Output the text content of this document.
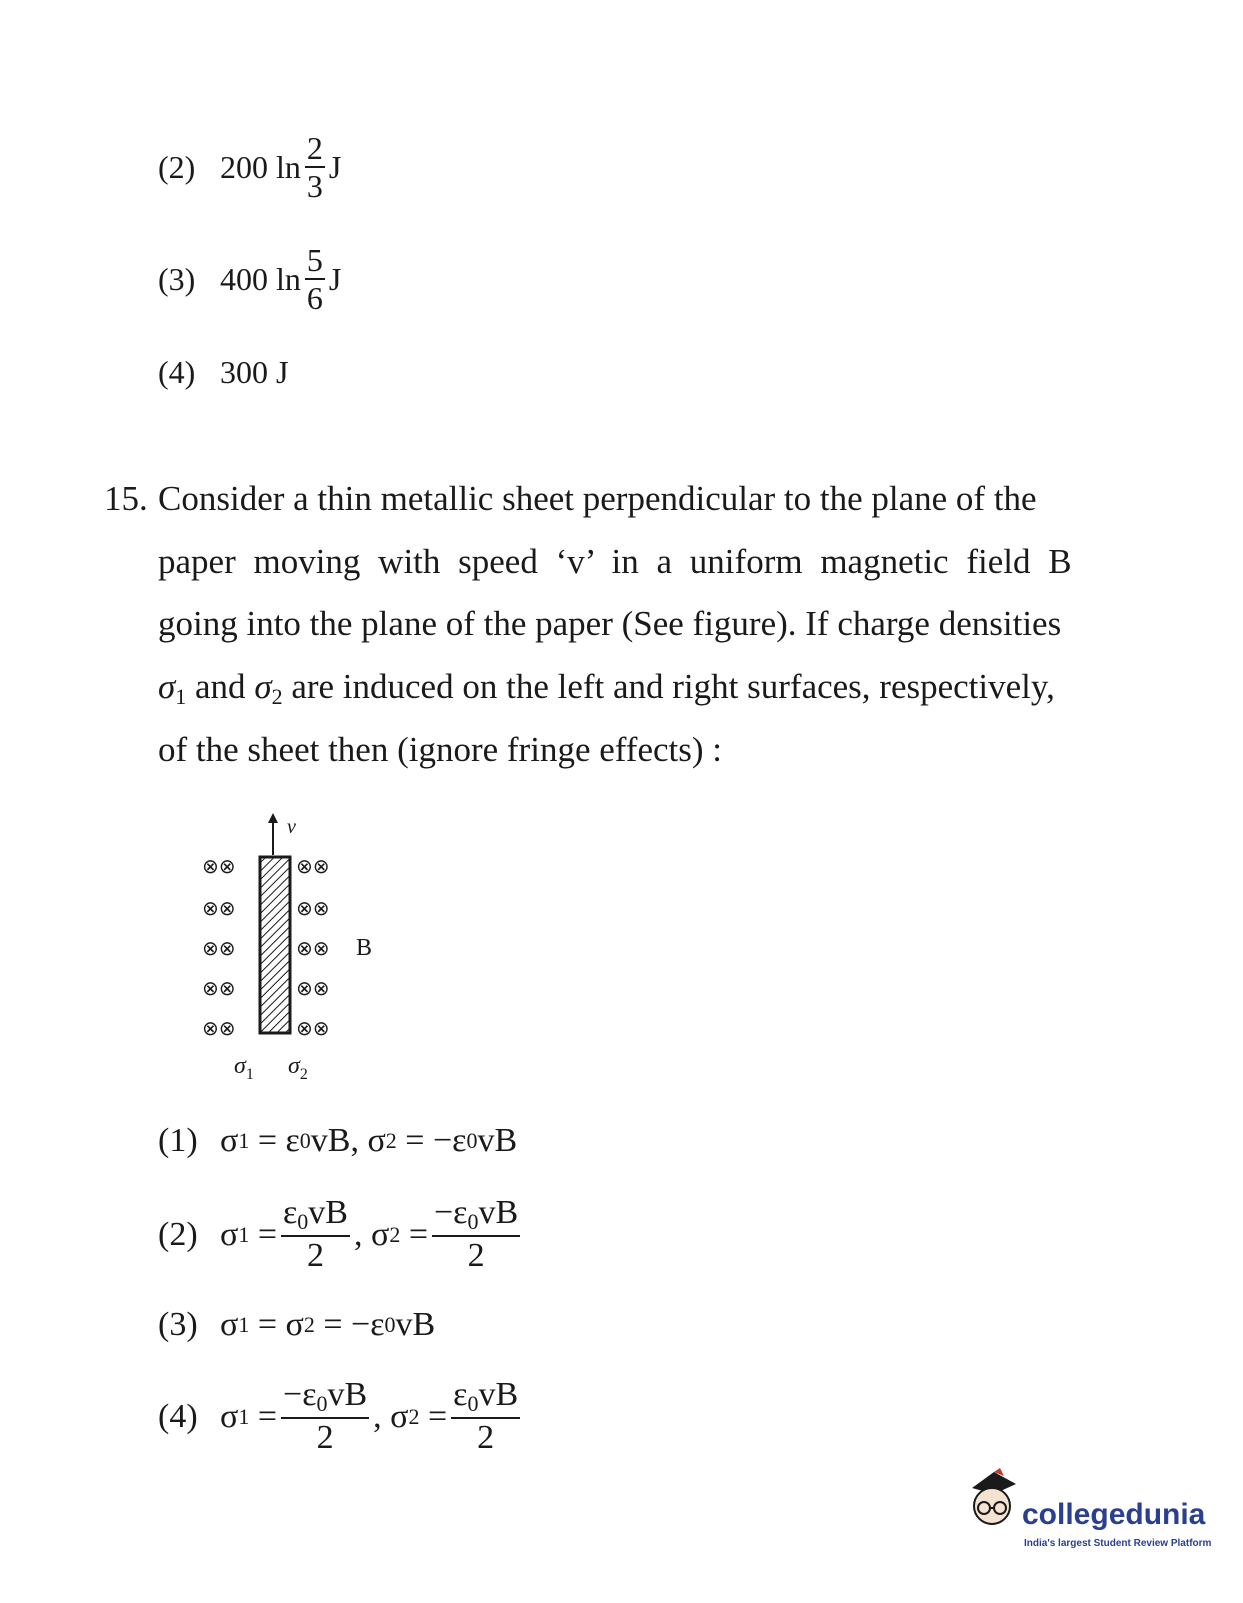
(2) 200 $\ln \frac{2}{3}$ J
(3) 400 $\ln \frac{5}{6}$ J
(4) 300 J
15. Consider a thin metallic sheet perpendicular to the plane of the
paper moving with speed ‘v’ in a uniform magnetic field B
going into the plane of the paper (See figure). If charge densities
$\sigma_1$ and $\sigma_2$ are induced on the left and right surfaces, respectively,
of the sheet then (ignore fringe effects) :
v
⊗⊗
⊗⊗
⊗⊗
⊗⊗
⊗⊗
⊗⊗
⊗⊗
⊗⊗
⊗⊗
⊗⊗
B
$\sigma_1$ $\sigma_2$
(1) σ 1 = ε 0 vB, σ 2 = −ε 0 vB
(2) σ $1 = \frac{\varepsilon_0vB}{2}$ , σ $2 = \frac{-\varepsilon_0vB}{2}$
(3) σ 1 = σ 2 = −ε 0 vB
(4) σ $1 = \frac{-\varepsilon_0vB}{2}$ , σ $2 = \frac{\varepsilon_0vB}{2}$
collegedunia
India's largest Student Review Platform
